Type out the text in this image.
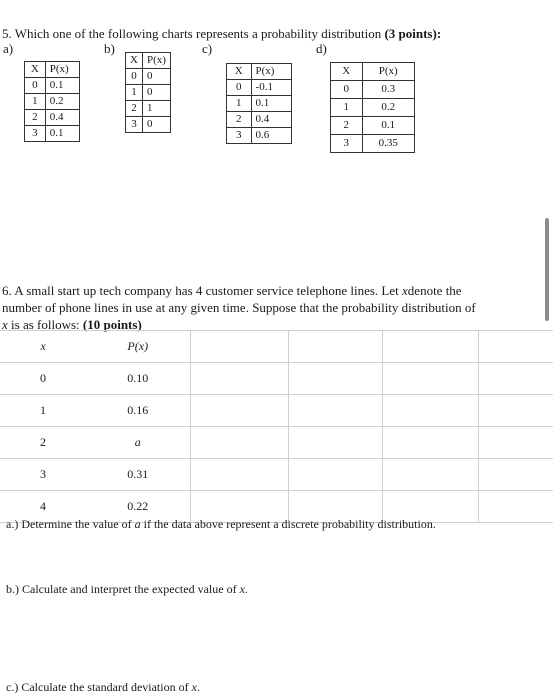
5. Which one of the following charts represents a probability distribution (3 points):
a)	b)	c)	d)
X	P(x)
0	0.1
1	0.2
2	0.4
3	0.1
X	P(x)
0	0
1	0
2	1
3	0
X	P(x)
0	-0.1
1	0.1
2	0.4
3	0.6
X	P(x)
0	0.3
1	0.2
2	0.1
3	0.35
6. A small start up tech company has 4 customer service telephone lines. Let xdenote the
number of phone lines in use at any given time. Suppose that the probability distribution of
x is as follows: (10 points)
x	P(x)				
0	0.10				
1	0.16				
2	a				
3	0.31				
4	0.22				
a.) Determine the value of a if the data above represent a discrete probability distribution.
b.) Calculate and interpret the expected value of x.
c.) Calculate the standard deviation of x.
